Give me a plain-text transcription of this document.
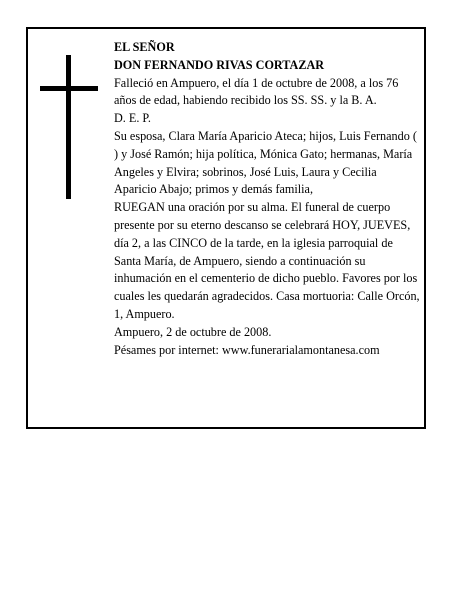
EL SEÑOR

DON FERNANDO RIVAS CORTAZAR

Falleció en Ampuero, el día 1 de octubre de 2008, a los 76 años de edad, habiendo recibido los SS. SS. y la B. A.

D. E. P.

Su esposa, Clara María Aparicio Ateca; hijos, Luis Fernando ( ) y José Ramón; hija política, Mónica Gato; hermanas, María Angeles y Elvira; sobrinos, José Luis, Laura y Cecilia Aparicio Abajo; primos y demás familia,

RUEGAN una oración por su alma. El funeral de cuerpo presente por su eterno descanso se celebrará HOY, JUEVES, día 2, a las CINCO de la tarde, en la iglesia parroquial de Santa María, de Ampuero, siendo a continuación su inhumación en el cementerio de dicho pueblo. Favores por los cuales les quedarán agradecidos. Casa mortuoria: Calle Orcón, 1, Ampuero.

Ampuero, 2 de octubre de 2008.

Pésames por internet: www.funerarialamontanesa.com
